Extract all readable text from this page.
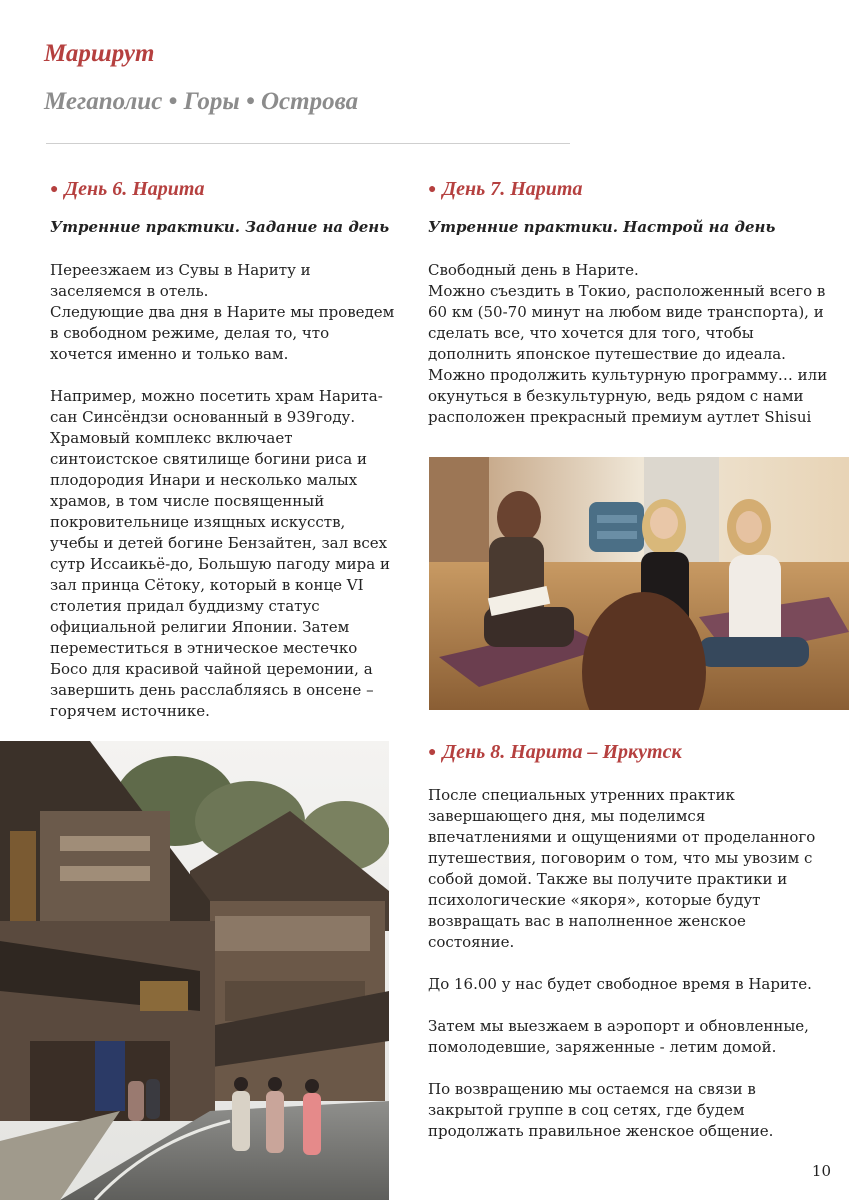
Маршрут
Мегаполис • Горы • Острова
● День 6. Нарита
Утренние практики. Задание на день

Переезжаем из Сувы в Нариту и заселяемся в отель.
Следующие два дня в Нарите мы проведем в свободном режиме, делая то, что хочется именно и только вам.

Например, можно посетить храм Нарита-сан Синсёндзи основанный в 939году. Храмовый комплекс включает синтоистское святилище богини риса и плодородия Инари и несколько малых храмов, в том числе посвященный покровительнице изящных искусств, учебы и детей богине Бензайтен, зал всех сутр Иссаикьё-до, Большую пагоду мира и зал принца Сётоку, который в конце VI столетия придал буддизму статус официальной религии Японии. Затем переместиться в этническое местечко Босо для красивой чайной церемонии, а завершить день расслабляясь в онсене – горячем источнике.

● День 7. Нарита
Утренние практики. Настрой на день

Свободный день в Нарите.
Можно съездить в Токио, расположенный всего в 60 км (50-70 минут на любом виде транспорта), и сделать все, что хочется для того, чтобы дополнить японское путешествие до идеала. Можно продолжить культурную программу… или окунуться в безкультурную, ведь рядом с нами расположен прекрасный премиум аутлет Shisui

● День 8. Нарита – Иркутск

После специальных утренних практик завершающего дня, мы поделимся впечатлениями и ощущениями от проделанного путешествия, поговорим о том, что мы увозим с собой домой. Также вы получите практики и психологические «якоря», которые будут возвращать вас в наполненное женское состояние.

До 16.00 у нас будет свободное время в Нарите.

Затем мы выезжаем в аэропорт и обновленные, помолодевшие, заряженные - летим домой.

По возвращению мы остаемся на связи в закрытой группе в соц сетях, где будем продолжать правильное женское общение.

10
